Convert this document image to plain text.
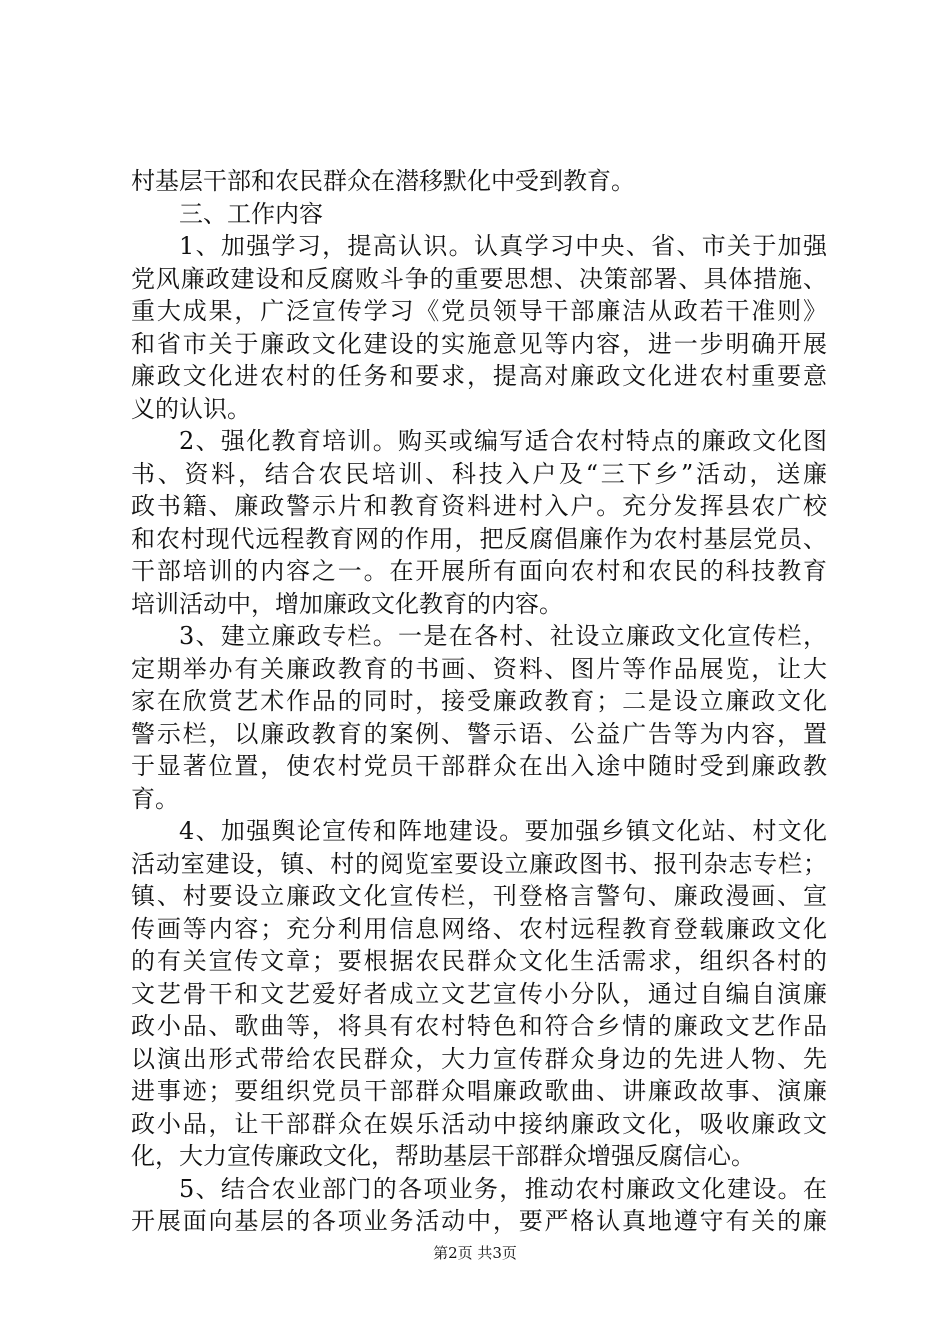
村基层干部和农民群众在潜移默化中受到教育。
三、工作内容
1、加强学习，提高认识。认真学习中央、省、市关于加强
党风廉政建设和反腐败斗争的重要思想、决策部署、具体措施、
重大成果，广泛宣传学习《党员领导干部廉洁从政若干准则》
和省市关于廉政文化建设的实施意见等内容，进一步明确开展
廉政文化进农村的任务和要求，提高对廉政文化进农村重要意
义的认识。
2、强化教育培训。购买或编写适合农村特点的廉政文化图
书、资料，结合农民培训、科技入户及“三下乡”活动，送廉
政书籍、廉政警示片和教育资料进村入户。充分发挥县农广校
和农村现代远程教育网的作用，把反腐倡廉作为农村基层党员、
干部培训的内容之一。在开展所有面向农村和农民的科技教育
培训活动中，增加廉政文化教育的内容。
3、建立廉政专栏。一是在各村、社设立廉政文化宣传栏，
定期举办有关廉政教育的书画、资料、图片等作品展览，让大
家在欣赏艺术作品的同时，接受廉政教育；二是设立廉政文化
警示栏，以廉政教育的案例、警示语、公益广告等为内容，置
于显著位置，使农村党员干部群众在出入途中随时受到廉政教
育。
4、加强舆论宣传和阵地建设。要加强乡镇文化站、村文化
活动室建设，镇、村的阅览室要设立廉政图书、报刊杂志专栏；
镇、村要设立廉政文化宣传栏，刊登格言警句、廉政漫画、宣
传画等内容；充分利用信息网络、农村远程教育登载廉政文化
的有关宣传文章；要根据农民群众文化生活需求，组织各村的
文艺骨干和文艺爱好者成立文艺宣传小分队，通过自编自演廉
政小品、歌曲等，将具有农村特色和符合乡情的廉政文艺作品
以演出形式带给农民群众，大力宣传群众身边的先进人物、先
进事迹；要组织党员干部群众唱廉政歌曲、讲廉政故事、演廉
政小品，让干部群众在娱乐活动中接纳廉政文化，吸收廉政文
化，大力宣传廉政文化，帮助基层干部群众增强反腐信心。
5、结合农业部门的各项业务，推动农村廉政文化建设。在
开展面向基层的各项业务活动中，要严格认真地遵守有关的廉
第2页 共3页
